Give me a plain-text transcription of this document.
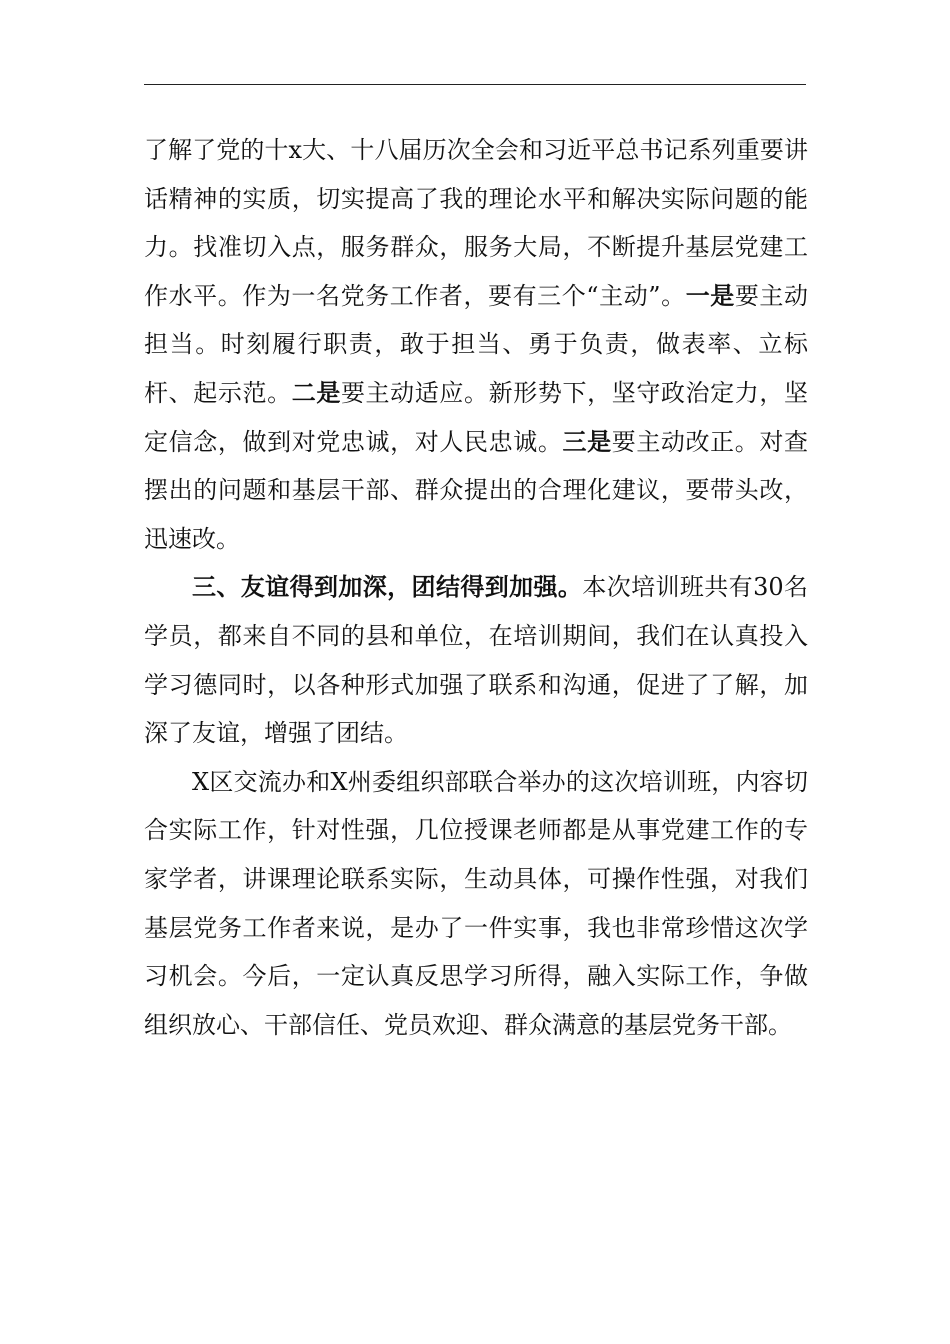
了解了党的十x大、十八届历次全会和习近平总书记系列重要讲话精神的实质，切实提高了我的理论水平和解决实际问题的能力。找准切入点，服务群众，服务大局，不断提升基层党建工作水平。作为一名党务工作者，要有三个“主动”。一是要主动担当。时刻履行职责，敢于担当、勇于负责，做表率、立标杆、起示范。二是要主动适应。新形势下，坚守政治定力，坚定信念，做到对党忠诚，对人民忠诚。三是要主动改正。对查摆出的问题和基层干部、群众提出的合理化建议，要带头改，迅速改。

三、友谊得到加深，团结得到加强。本次培训班共有30名学员，都来自不同的县和单位，在培训期间，我们在认真投入学习德同时，以各种形式加强了联系和沟通，促进了了解，加深了友谊，增强了团结。

X区交流办和X州委组织部联合举办的这次培训班，内容切合实际工作，针对性强，几位授课老师都是从事党建工作的专家学者，讲课理论联系实际，生动具体，可操作性强，对我们基层党务工作者来说，是办了一件实事，我也非常珍惜这次学习机会。今后，一定认真反思学习所得，融入实际工作，争做组织放心、干部信任、党员欢迎、群众满意的基层党务干部。
